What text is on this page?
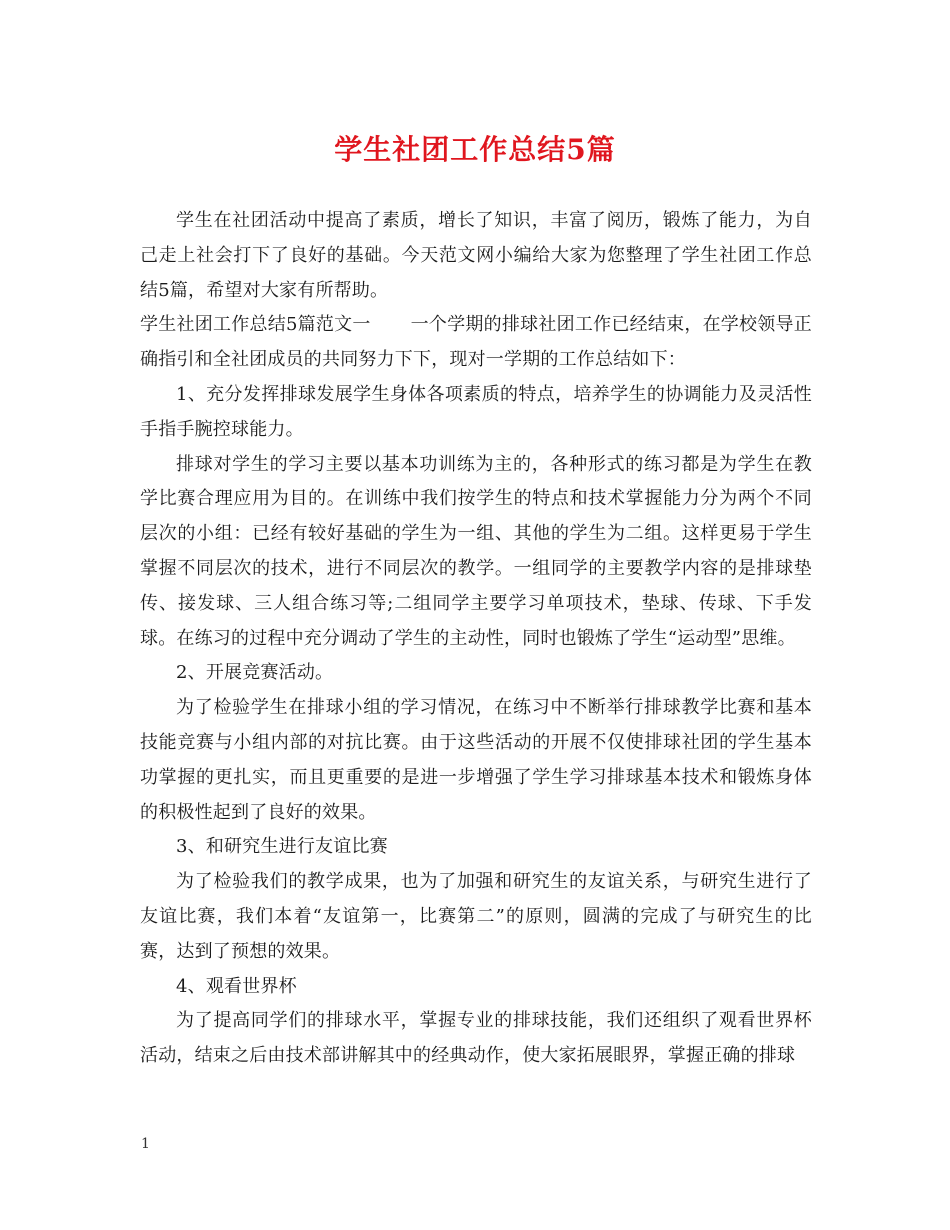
学生社团工作总结5篇

学生在社团活动中提高了素质，增长了知识，丰富了阅历，锻炼了能力，为自己走上社会打下了良好的基础。今天范文网小编给大家为您整理了学生社团工作总结5篇，希望对大家有所帮助。

学生社团工作总结5篇范文一 一个学期的排球社团工作已经结束，在学校领导正确指引和全社团成员的共同努力下下，现对一学期的工作总结如下：

1、充分发挥排球发展学生身体各项素质的特点，培养学生的协调能力及灵活性手指手腕控球能力。

排球对学生的学习主要以基本功训练为主的，各种形式的练习都是为学生在教学比赛合理应用为目的。在训练中我们按学生的特点和技术掌握能力分为两个不同层次的小组：已经有较好基础的学生为一组、其他的学生为二组。这样更易于学生掌握不同层次的技术，进行不同层次的教学。一组同学的主要教学内容的是排球垫传、接发球、三人组合练习等;二组同学主要学习单项技术，垫球、传球、下手发球。在练习的过程中充分调动了学生的主动性，同时也锻炼了学生“运动型”思维。

2、开展竞赛活动。

为了检验学生在排球小组的学习情况，在练习中不断举行排球教学比赛和基本技能竞赛与小组内部的对抗比赛。由于这些活动的开展不仅使排球社团的学生基本功掌握的更扎实，而且更重要的是进一步增强了学生学习排球基本技术和锻炼身体的积极性起到了良好的效果。

3、和研究生进行友谊比赛

为了检验我们的教学成果，也为了加强和研究生的友谊关系，与研究生进行了友谊比赛，我们本着“友谊第一，比赛第二”的原则，圆满的完成了与研究生的比赛，达到了预想的效果。

4、观看世界杯

为了提高同学们的排球水平，掌握专业的排球技能，我们还组织了观看世界杯活动，结束之后由技术部讲解其中的经典动作，使大家拓展眼界，掌握正确的排球

1
